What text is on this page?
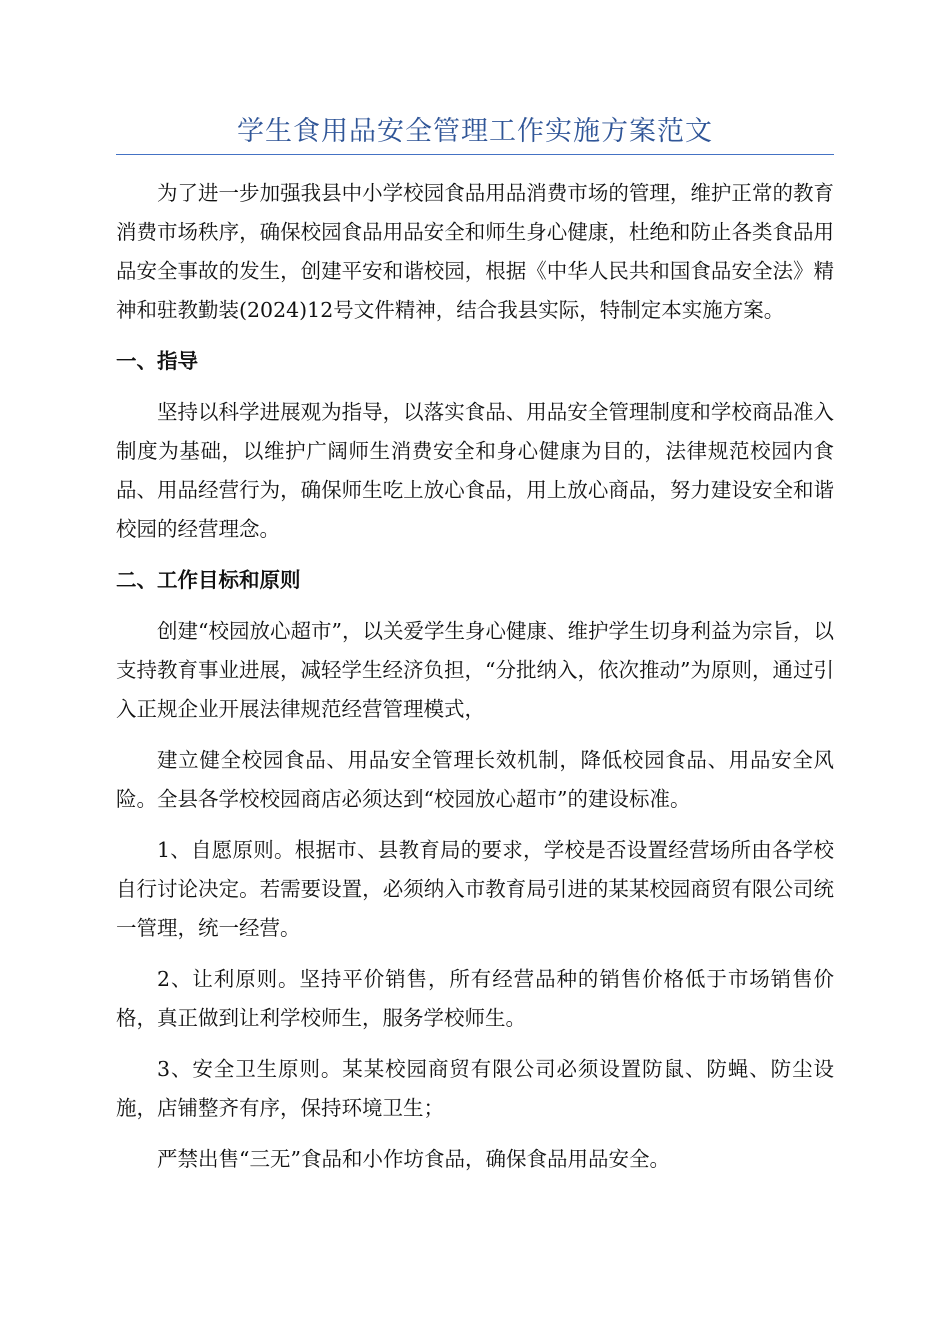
学生食用品安全管理工作实施方案范文

为了进一步加强我县中小学校园食品用品消费市场的管理，维护正常的教育消费市场秩序，确保校园食品用品安全和师生身心健康，杜绝和防止各类食品用品安全事故的发生，创建平安和谐校园，根据《中华人民共和国食品安全法》精神和驻教勤装(2024)12号文件精神，结合我县实际，特制定本实施方案。

一、指导

坚持以科学进展观为指导，以落实食品、用品安全管理制度和学校商品准入制度为基础，以维护广阔师生消费安全和身心健康为目的，法律规范校园内食品、用品经营行为，确保师生吃上放心食品，用上放心商品，努力建设安全和谐校园的经营理念。

二、工作目标和原则

创建“校园放心超市”，以关爱学生身心健康、维护学生切身利益为宗旨，以支持教育事业进展，减轻学生经济负担，“分批纳入，依次推动”为原则，通过引入正规企业开展法律规范经营管理模式，

建立健全校园食品、用品安全管理长效机制，降低校园食品、用品安全风险。全县各学校校园商店必须达到“校园放心超市”的建设标准。

1、自愿原则。根据市、县教育局的要求，学校是否设置经营场所由各学校自行讨论决定。若需要设置，必须纳入市教育局引进的某某校园商贸有限公司统一管理，统一经营。

2、让利原则。坚持平价销售，所有经营品种的销售价格低于市场销售价格，真正做到让利学校师生，服务学校师生。

3、安全卫生原则。某某校园商贸有限公司必须设置防鼠、防蝇、防尘设施，店铺整齐有序，保持环境卫生；

严禁出售“三无”食品和小作坊食品，确保食品用品安全。
